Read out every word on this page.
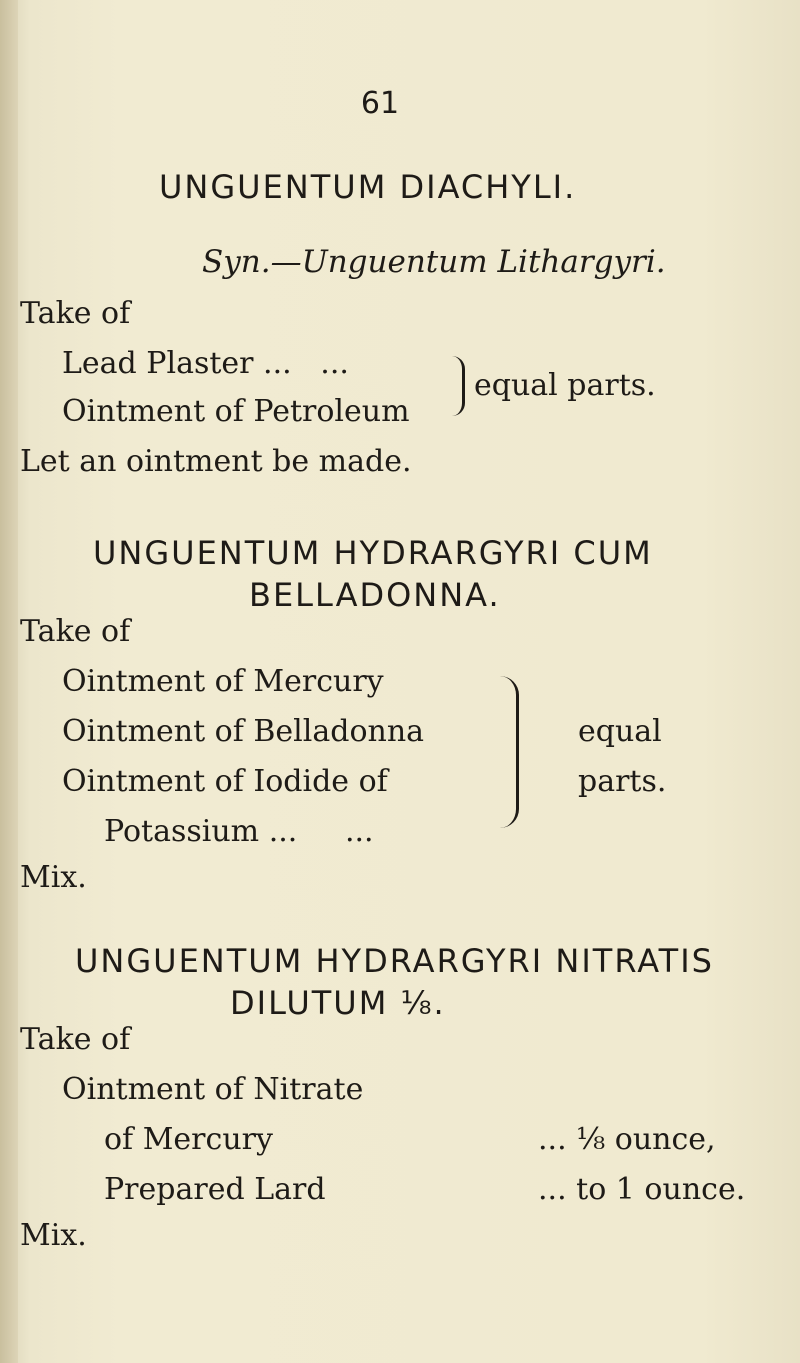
61
UNGUENTUM DIACHYLI.
Syn.—Unguentum Lithargyri.
Take of
Lead Plaster ... ...
Ointment of Petroleum
equal parts.
Let an ointment be made.
UNGUENTUM HYDRARGYRI CUM
BELLADONNA.
Take of
Ointment of Mercury
Ointment of Belladonna
Ointment of Iodide of
Potassium ... ...
equal
parts.
Mix.
UNGUENTUM HYDRARGYRI NITRATIS
DILUTUM ⅛.
Take of
Ointment of Nitrate
of Mercury	... ⅛ ounce,
Prepared Lard	... to 1 ounce.
Mix.
